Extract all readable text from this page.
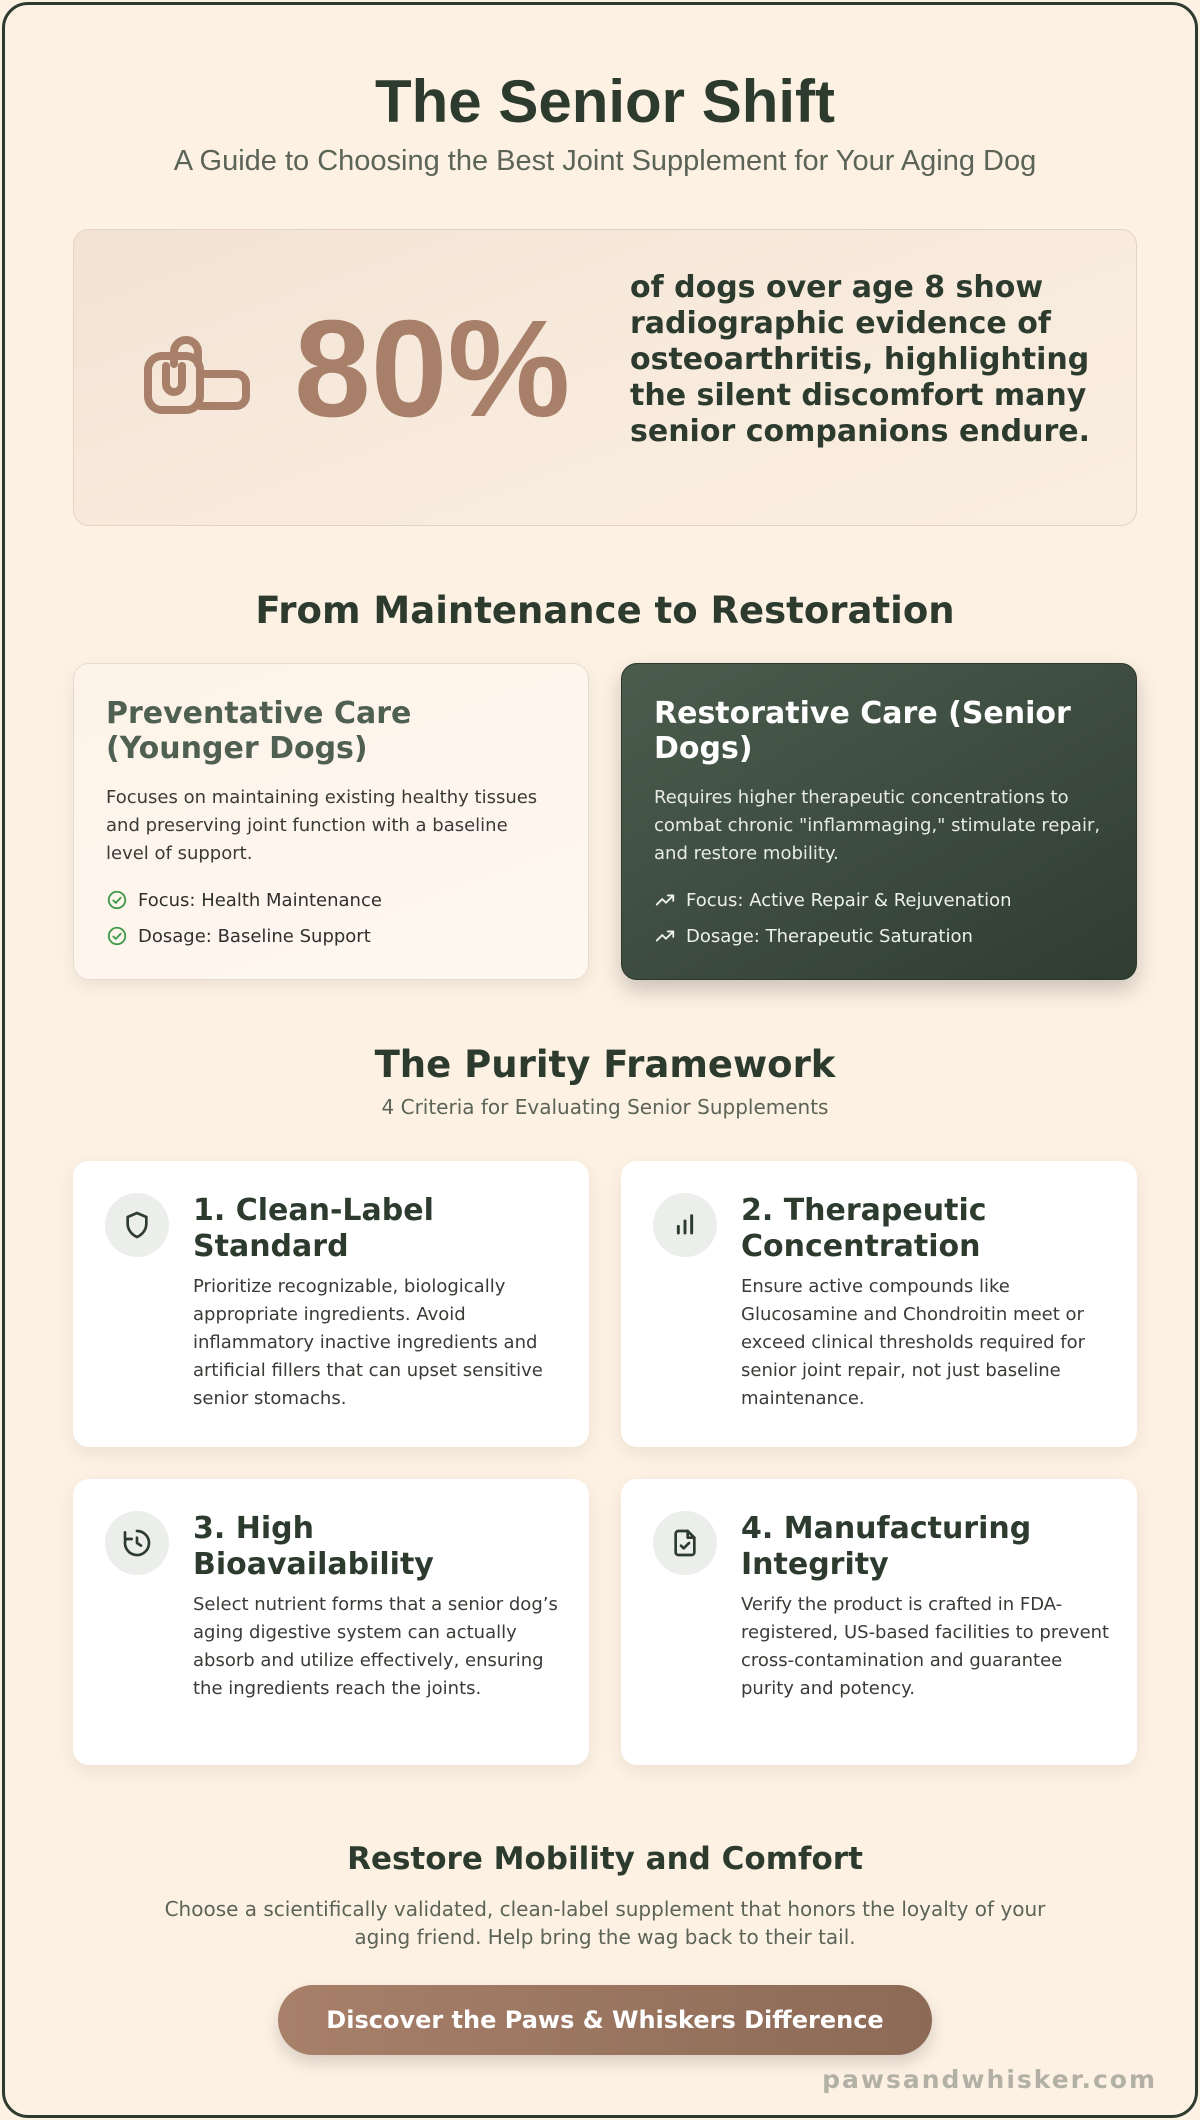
The Senior Shift

A Guide to Choosing the Best Joint Supplement for Your Aging Dog

80%

of dogs over age 8 show radiographic evidence of osteoarthritis, highlighting the silent discomfort many senior companions endure.

From Maintenance to Restoration
Preventative Care (Younger Dogs)

Focuses on maintaining existing healthy tissues and preserving joint function with a baseline level of support.

Focus: Health Maintenance
Dosage: Baseline Support
Restorative Care (Senior Dogs)

Requires higher therapeutic concentrations to combat chronic "inflammaging," stimulate repair, and restore mobility.

Focus: Active Repair & Rejuvenation
Dosage: Therapeutic Saturation
The Purity Framework

4 Criteria for Evaluating Senior Supplements

1. Clean-Label Standard

Prioritize recognizable, biologically appropriate ingredients. Avoid inflammatory inactive ingredients and artificial fillers that can upset sensitive senior stomachs.

2. Therapeutic Concentration

Ensure active compounds like Glucosamine and Chondroitin meet or exceed clinical thresholds required for senior joint repair, not just baseline maintenance.

3. High Bioavailability

Select nutrient forms that a senior dog’s aging digestive system can actually absorb and utilize effectively, ensuring the ingredients reach the joints.

4. Manufacturing Integrity

Verify the product is crafted in FDA-registered, US-based facilities to prevent cross-contamination and guarantee purity and potency.

Restore Mobility and Comfort

Choose a scientifically validated, clean-label supplement that honors the loyalty of your aging friend. Help bring the wag back to their tail.

Discover the Paws & Whiskers Difference
pawsandwhisker.com
